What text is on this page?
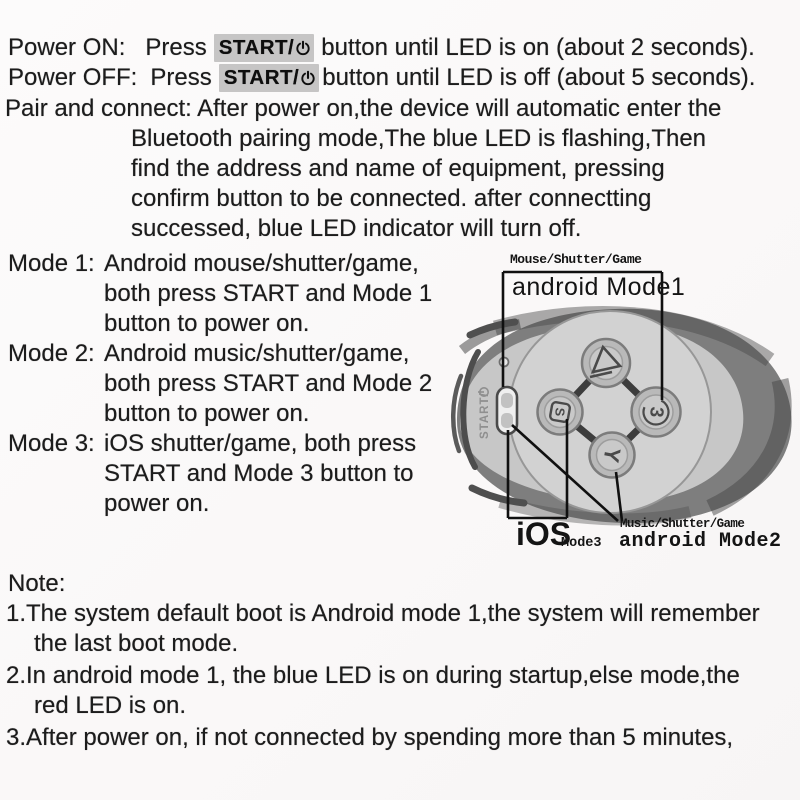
Power ON: Press START/ button until LED is on (about 2 seconds).
Power OFF: Press START/ button until LED is off (about 5 seconds).
Pair and connect: After power on,the device will automatic enter the
Bluetooth pairing mode,The blue LED is flashing,Then
find the address and name of equipment, pressing
confirm button to be connected. after connectting
successed, blue LED indicator will turn off.
Mode 1: Android mouse/shutter/game,
both press START and Mode 1
button to power on.
Mode 2: Android music/shutter/game,
both press START and Mode 2
button to power on.
Mode 3: iOS shutter/game, both press
START and Mode 3 button to
power on.
Note:
1.The system default boot is Android mode 1,the system will remember
the last boot mode.
2.In android mode 1, the blue LED is on during startup,else mode,the
red LED is on.
3.After power on, if not connected by spending more than 5 minutes,
S	3
Y
START/
Mouse/Shutter/Game
android Mode1
iOS
Mode3
Music/Shutter/Game
android Mode2
